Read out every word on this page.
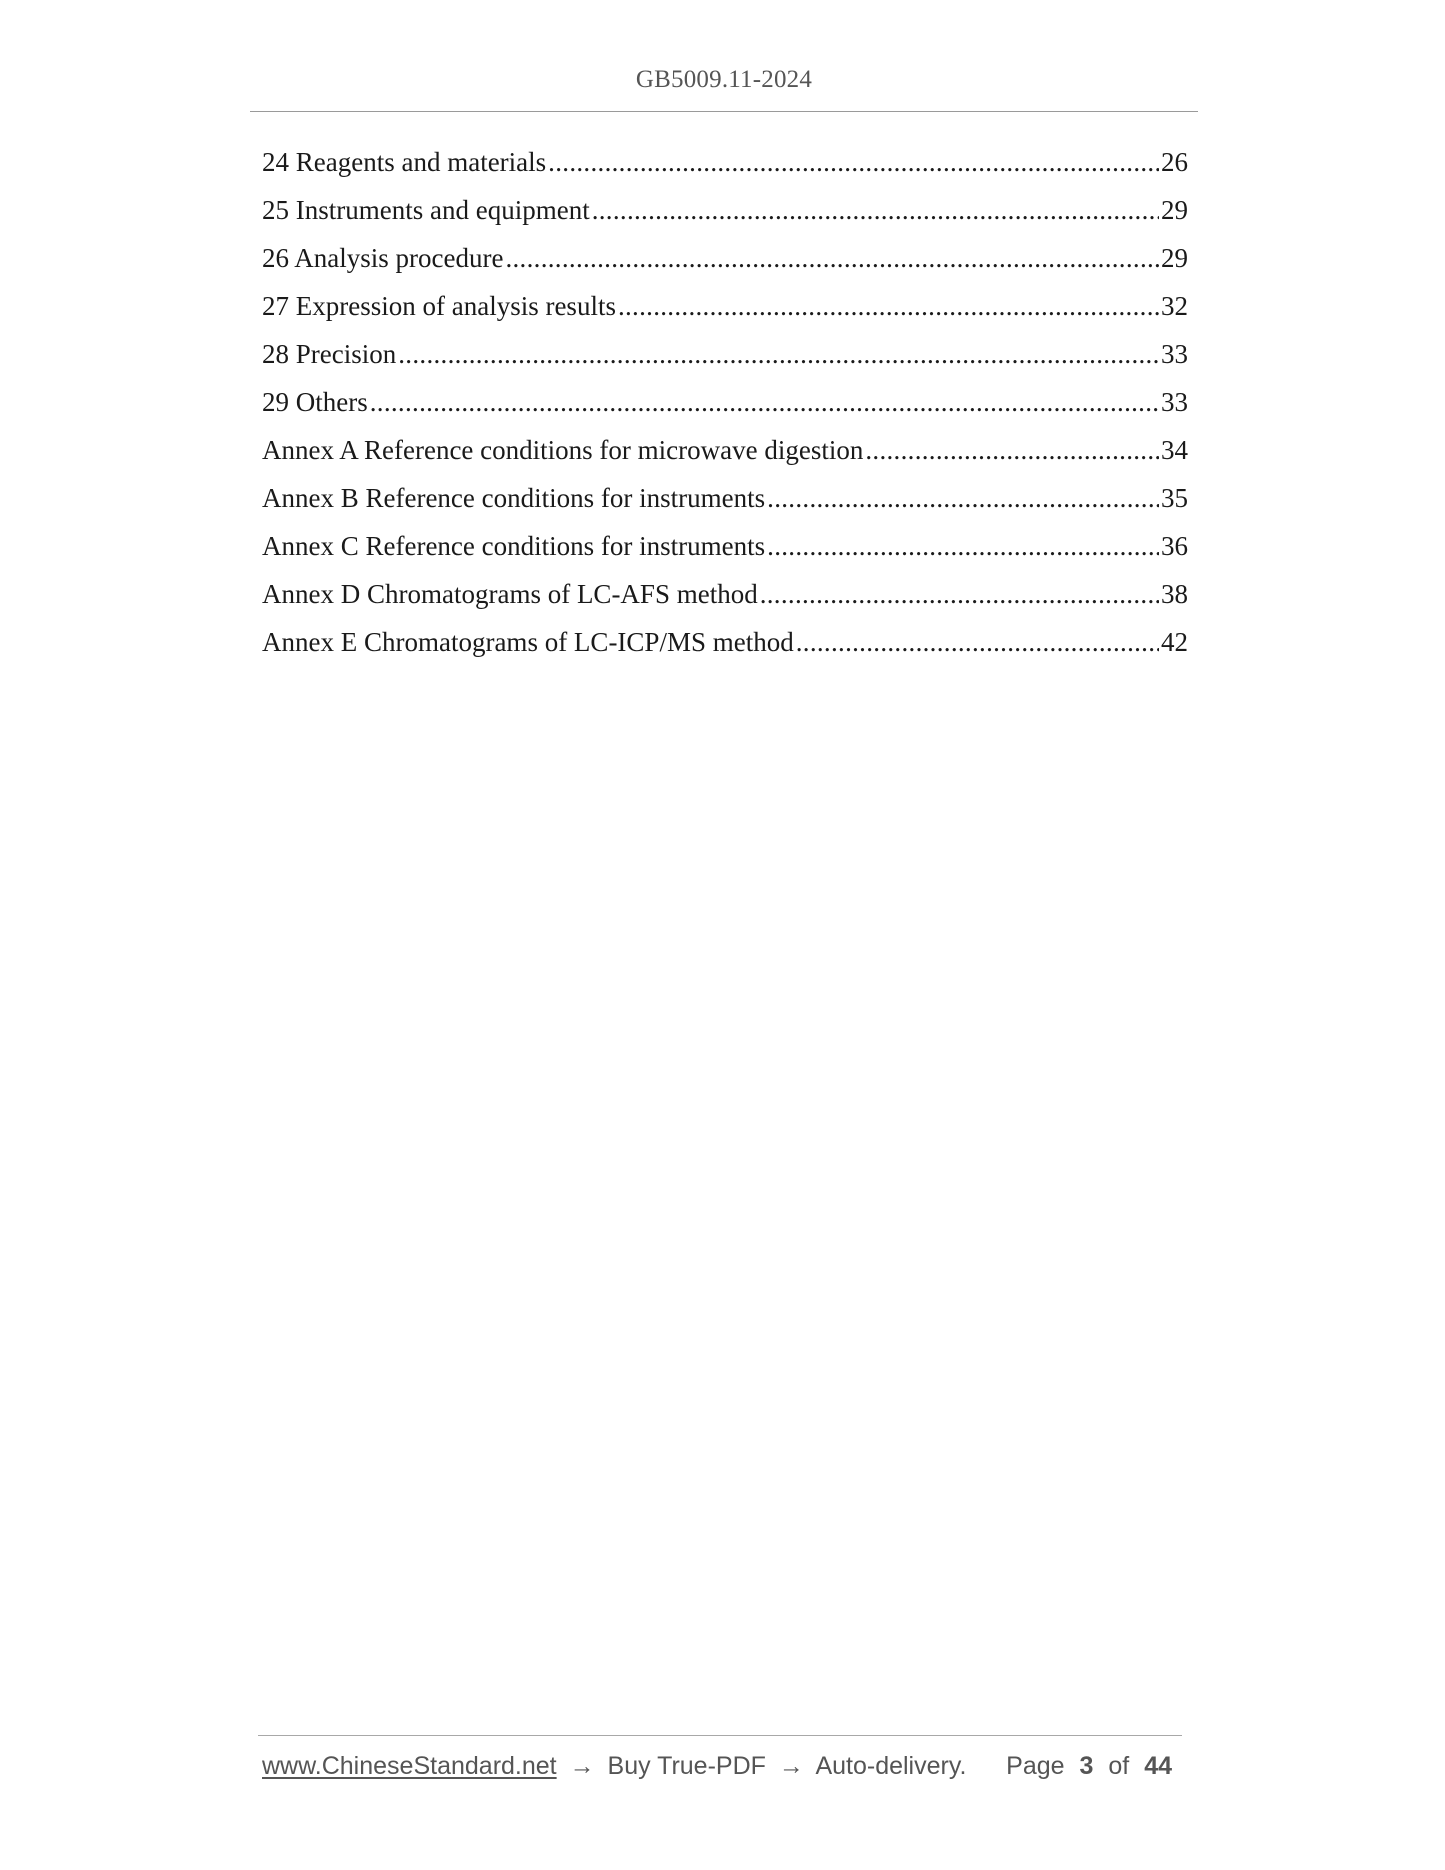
GB5009.11-2024
24 Reagents and materials .....	26
25 Instruments and equipment .....	29
26 Analysis procedure .....	29
27 Expression of analysis results .....	32
28 Precision .....	33
29 Others .....	33
Annex A Reference conditions for microwave digestion .....	34
Annex B Reference conditions for instruments .....	35
Annex C Reference conditions for instruments .....	36
Annex D Chromatograms of LC-AFS method .....	38
Annex E Chromatograms of LC-ICP/MS method .....	42
www.ChineseStandard.net → Buy True-PDF → Auto-delivery. Page 3 of 44
